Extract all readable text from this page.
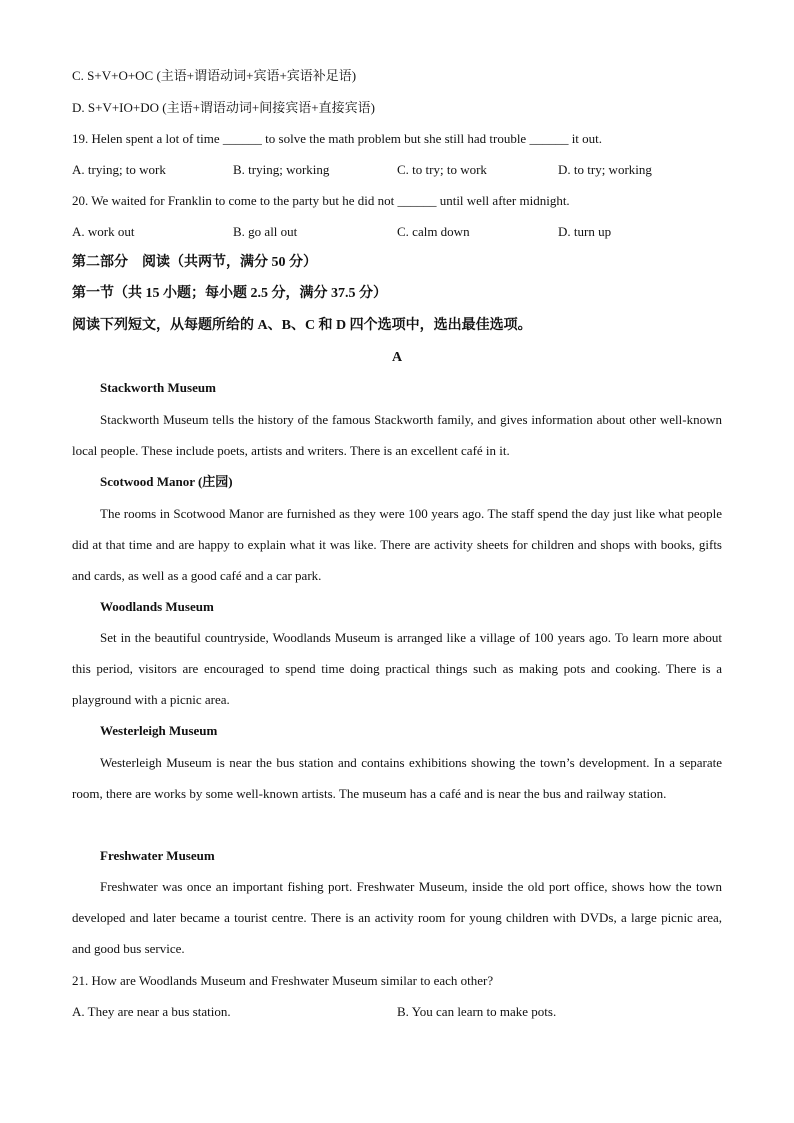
C. S+V+O+OC (主语+谓语动词+宾语+宾语补足语)
D. S+V+IO+DO (主语+谓语动词+间接宾语+直接宾语)
19. Helen spent a lot of time ______ to solve the math problem but she still had trouble ______ it out.
A. trying; to work	B. trying; working	C. to try; to work	D. to try; working
20. We waited for Franklin to come to the party but he did not ______ until well after midnight.
A. work out	B. go all out	C. calm down	D. turn up
第二部分　阅读（共两节，满分 50 分）
第一节（共 15 小题；每小题 2.5 分，满分 37.5 分）
阅读下列短文，从每题所给的 A、B、C 和 D 四个选项中，选出最佳选项。
A
Stackworth Museum

Stackworth Museum tells the history of the famous Stackworth family, and gives information about other well-known local people. These include poets, artists and writers. There is an excellent café in it.

Scotwood Manor (庄园)

The rooms in Scotwood Manor are furnished as they were 100 years ago. The staff spend the day just like what people did at that time and are happy to explain what it was like. There are activity sheets for children and shops with books, gifts and cards, as well as a good café and a car park.

Woodlands Museum

Set in the beautiful countryside, Woodlands Museum is arranged like a village of 100 years ago. To learn more about this period, visitors are encouraged to spend time doing practical things such as making pots and cooking. There is a playground with a picnic area.

Westerleigh Museum

Westerleigh Museum is near the bus station and contains exhibitions showing the town’s development. In a separate room, there are works by some well-known artists. The museum has a café and is near the bus and railway station.

Freshwater Museum

Freshwater was once an important fishing port. Freshwater Museum, inside the old port office, shows how the town developed and later became a tourist centre. There is an activity room for young children with DVDs, a large picnic area, and good bus service.

21. How are Woodlands Museum and Freshwater Museum similar to each other?
A. They are near a bus station.	B. You can learn to make pots.
